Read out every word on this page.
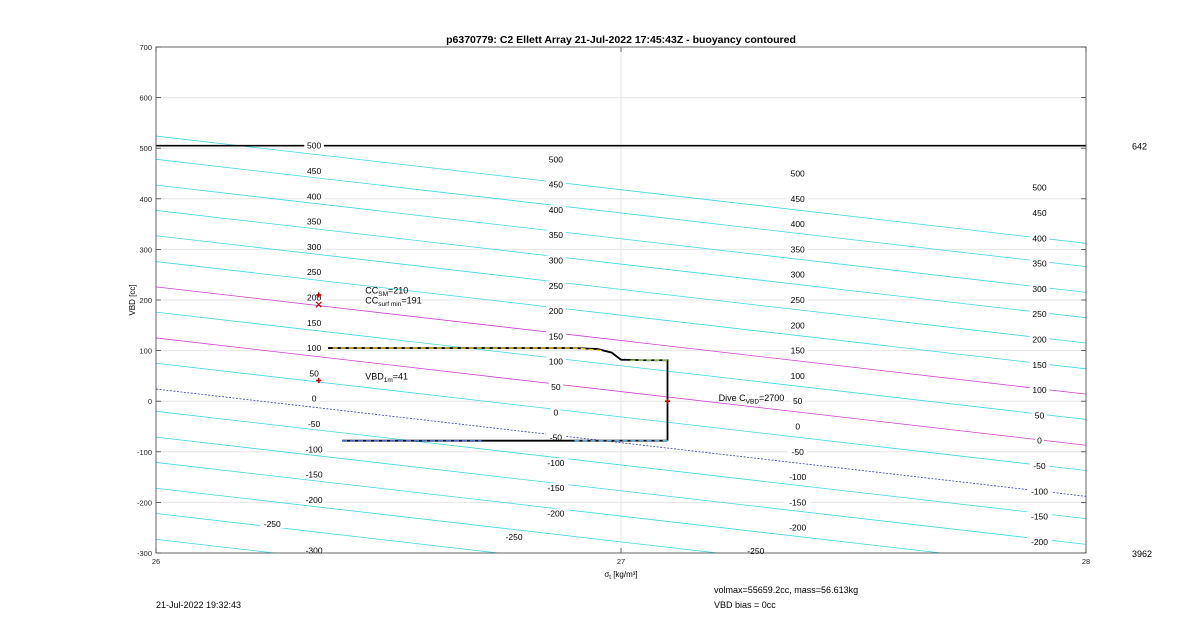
500
450
400
350
300
250
200
150
100
50
0
-50
-100
-150
-200
-250
-300
500
450
400
350
300
250
200
150
100
50
0
-50
-100
-150
-200
-250
500
450
400
350
300
250
200
150
100
50
0
-50
-100
-150
-200
-250
500
450
400
350
300
250
200
150
100
50
0
-50
-100
-150
-200
-300
-200
-100
0
100
200
300
400
500
600
700
26	27	28
p6370779: C2 Ellett Array 21-Jul-2022 17:45:43Z - buoyancy contoured
$\sigma_t$ [kg/m³]
VBD [cc]	$CC_{SM}=210$
$CC_{surf min}=191$
$VBD_{1m}=41$
Dive $C_{VBD}=2700$
642
3962
21-Jul-2022 19:32:43
volmax=55659.2cc, mass=56.613kg
VBD bias = 0cc
